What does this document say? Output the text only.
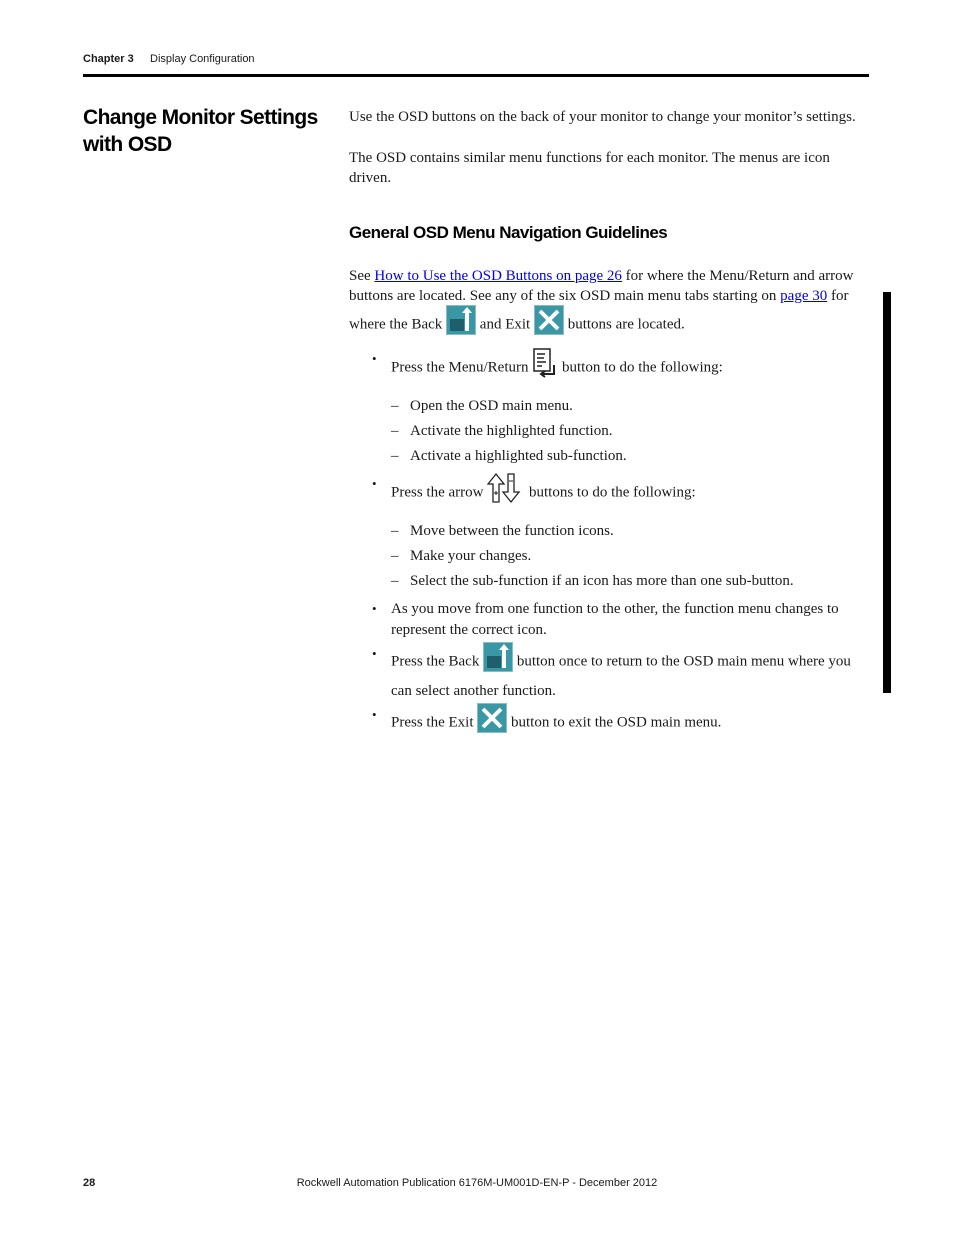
Chapter 3 Display Configuration
Change Monitor Settings with OSD

Use the OSD buttons on the back of your monitor to change your monitor’s settings.

The OSD contains similar menu functions for each monitor. The menus are icon driven.

General OSD Menu Navigation Guidelines

See How to Use the OSD Buttons on page 26 for where the Menu/Return and arrow buttons are located. See any of the six OSD main menu tabs starting on page 30 for where the Back  and Exit  buttons are located.

• Press the Menu/Return  button to do the following:
– Open the OSD main menu.
– Activate the highlighted function.
– Activate a highlighted sub-function.
• Press the arrow	buttons to do the following:
– Move between the function icons.
– Make your changes.
– Select the sub-function if an icon has more than one sub-button.
• As you move from one function to the other, the function menu changes to represent the correct icon.
• Press the Back  button once to return to the OSD main menu where you can select another function.
• Press the Exit  button to exit the OSD main menu.
28	Rockwell Automation Publication 6176M-UM001D-EN-P - December 2012
